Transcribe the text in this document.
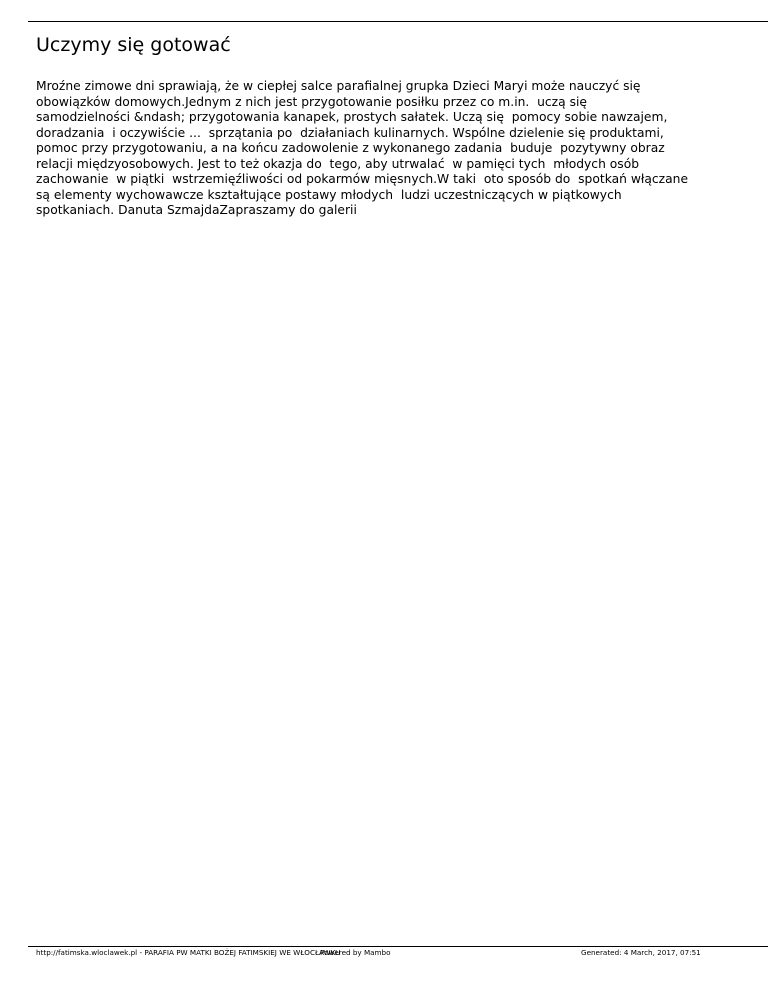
Uczymy się gotować
Mroźne zimowe dni sprawiają, że w ciepłej salce parafialnej grupka Dzieci Maryi może nauczyć się
obowiązków domowych.Jednym z nich jest przygotowanie posiłku przez co m.in.  uczą się
samodzielności &ndash; przygotowania kanapek, prostych sałatek. Uczą się  pomocy sobie nawzajem,
doradzania  i oczywiście ...  sprzątania po  działaniach kulinarnych. Wspólne dzielenie się produktami,
pomoc przy przygotowaniu, a na końcu zadowolenie z wykonanego zadania  buduje  pozytywny obraz
relacji międzyosobowych. Jest to też okazja do  tego, aby utrwalać  w pamięci tych  młodych osób
zachowanie  w piątki  wstrzemięźliwości od pokarmów mięsnych.W taki  oto sposób do  spotkań włączane
są elementy wychowawcze kształtujące postawy młodych  ludzi uczestniczących w piątkowych
spotkaniach. Danuta SzmajdaZapraszamy do galerii
http://fatimska.wloclawek.pl - PARAFIA PW MATKI BOŻEJ FATIMSKIEJ WE WŁOCŁAWKU
Powered by Mambo	Generated: 4 March, 2017, 07:51
